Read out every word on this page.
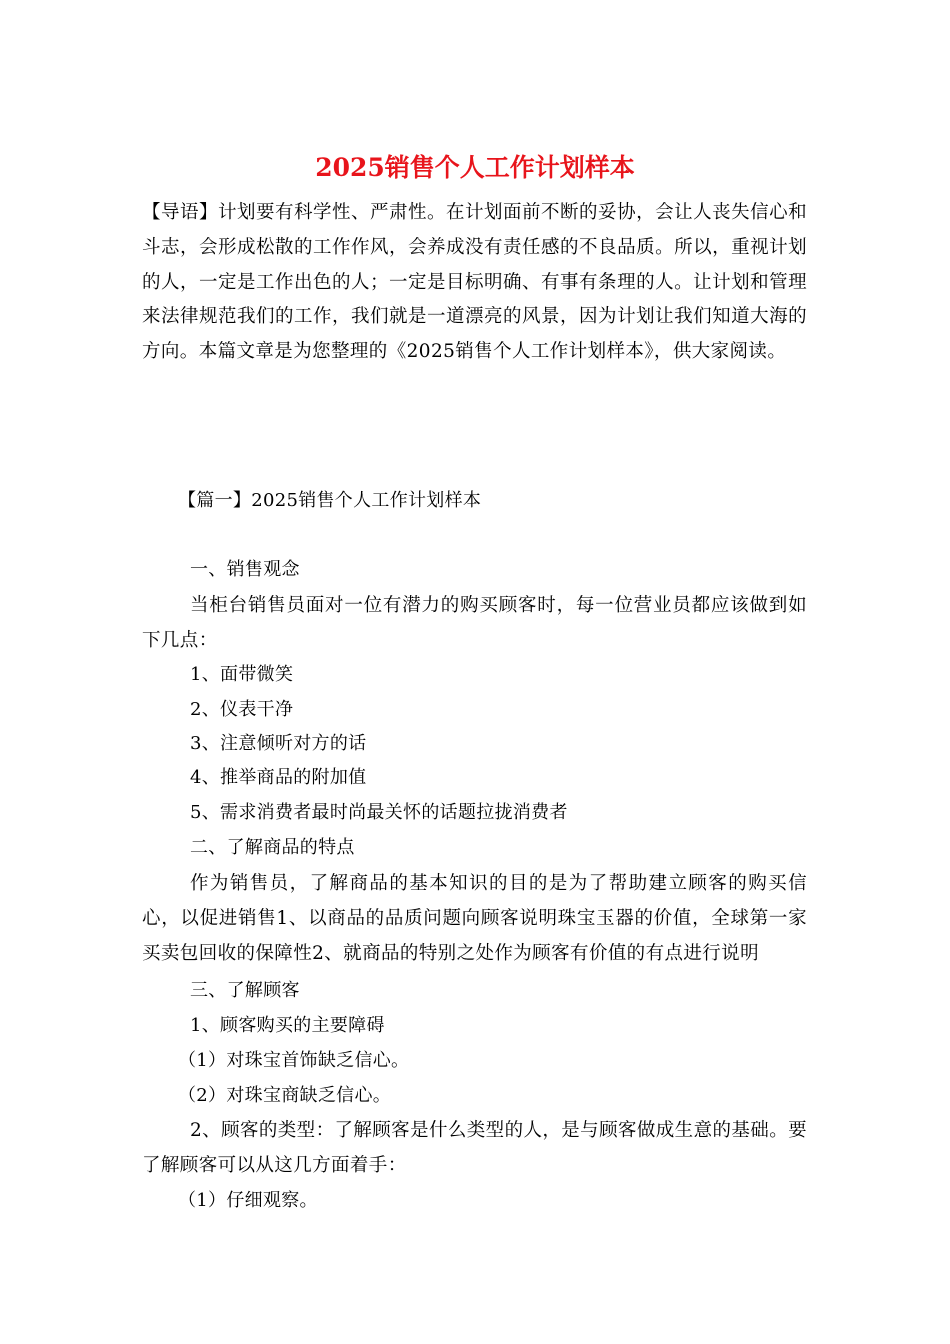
2025销售个人工作计划样本
【导语】计划要有科学性、严肃性。在计划面前不断的妥协，会让人丧失信心和斗志，会形成松散的工作作风，会养成没有责任感的不良品质。所以，重视计划的人，一定是工作出色的人；一定是目标明确、有事有条理的人。让计划和管理来法律规范我们的工作，我们就是一道漂亮的风景，因为计划让我们知道大海的方向。本篇文章是为您整理的《2025销售个人工作计划样本》，供大家阅读。
【篇一】2025销售个人工作计划样本
一、销售观念
当柜台销售员面对一位有潜力的购买顾客时，每一位营业员都应该做到如下几点：
1、面带微笑
2、仪表干净
3、注意倾听对方的话
4、推举商品的附加值
5、需求消费者最时尚最关怀的话题拉拢消费者
二、了解商品的特点
作为销售员，了解商品的基本知识的目的是为了帮助建立顾客的购买信心，以促进销售1、以商品的品质问题向顾客说明珠宝玉器的价值，全球第一家买卖包回收的保障性2、就商品的特别之处作为顾客有价值的有点进行说明
三、了解顾客
1、顾客购买的主要障碍
（1）对珠宝首饰缺乏信心。
（2）对珠宝商缺乏信心。
2、顾客的类型：了解顾客是什么类型的人，是与顾客做成生意的基础。要了解顾客可以从这几方面着手：
（1）仔细观察。
